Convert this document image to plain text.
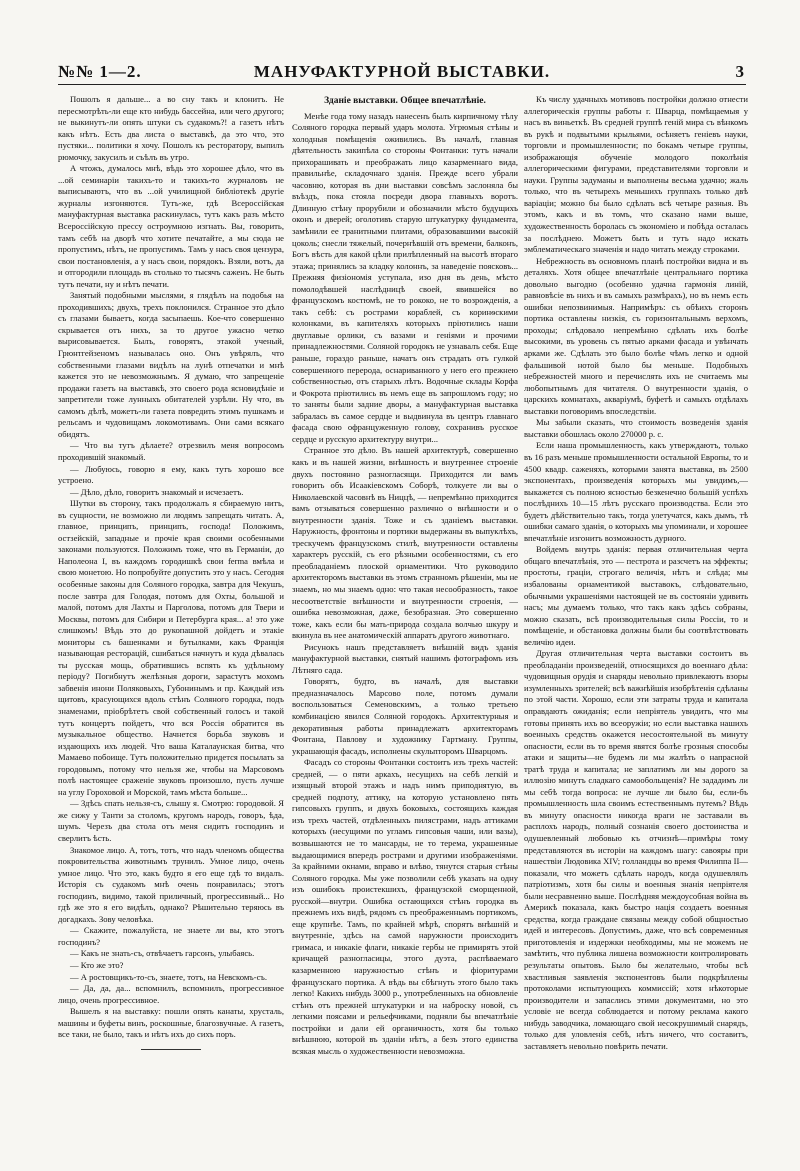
№№ 1—2.	МАНУФАКТУРНОЙ ВЫСТАВКИ.	3

Пошолъ я дальше... а во сну такъ и клонитъ. Не пересмотрѣть-ли еще кто нибудь бассейна, или чего другого; не выкинутъ-ли опять штуки съ судакомъ?! а газетъ нѣтъ какъ нѣтъ. Есть два листа о выставкѣ, да это что, это пустяки... политики я хочу. Пошолъ къ ресторатору, выпилъ рюмочку, закусилъ и съѣлъ въ утро.

А чтожъ, думалось мнѣ, вѣдь это хорошее дѣло, что въ ...ой семинаріи такихъ-то и такихъ-то журналовъ не выписываютъ, что въ ...ой училищной библіотекѣ другіе журналы изгоняются. Тутъ-же, гдѣ Всероссійская мануфактурная выставка раскинулась, тутъ какъ разъ мѣсто Всероссійскую прессу остроумною изгнать. Вы, говорить, тамъ себѣ на дворѣ что хотите печатайте, а мы сюда не пропустимъ, нѣтъ, не пропустимъ. Тамъ у насъ своя цензура, свои постановленія, а у насъ свои, порядокъ. Взяли, вотъ, да и отгородили площадь въ столько то тысячъ саженъ. Не быть тутъ печати, ну и нѣтъ печати.

Занятый подобными мыслями, я глядѣлъ на подобья на проходившихъ; двухъ, трехъ поклонился. Странное это дѣло съ глазами бываетъ, когда засыпаешь. Кое-что совершенно скрывается отъ нихъ, за то другое ужасно четко вырисовывается. Былъ, говорятъ, этакой ученый, Грюнтгейзеномъ называлась оно. Онъ увѣрялъ, что собственными глазами видѣлъ на лунѣ отпечатки и мнѣ кажется это не невозможнымъ. Я думаю, что запрещеніе продажи газетъ на выставкѣ, это своего рода ясновидѣніе и запретители тоже лунныхъ обитателей узрѣли. Ну что, въ самомъ дѣлѣ, можетъ-ли газета повредить этимъ пушкамъ и рельсамъ и чудовищамъ локомотивамъ. Они сами всякаго обидятъ.

— Что вы тутъ дѣлаете? отрезвилъ меня вопросомъ проходившій знакомый.

— Любуюсь, говорю я ему, какъ тутъ хорошо все устроено.

— Дѣло, дѣло, говоритъ знакомый и исчезаетъ.

Шутки въ сторону, такъ продолжалъ я сбираемую нитъ, въ сущности, не возможно ли людямъ запрещать читать. А, главное, принципъ, принципъ, господа! Положимъ, остзейскій, западные и прочіе края своими особенными законами пользуются. Положимъ тоже, что въ Германіи, до Наполеона I, въ каждомъ городишкѣ свои ferma вмѣла и свою монетою. Но попробуйте допустить это у насъ. Сегодня особенные законы для Соляного городка, завтра для Чекушъ, после завтра для Голодая, потомъ для Охты, большой и малой, потомъ для Лахты и Парголова, потомъ для Твери и Москвы, потомъ для Сибири и Петербурга края... а! это уже слишкомъ! Вѣдь это до рукопашной дойдетъ и этакіе мониторы съ башенками и бутылками, какъ Франція называющая ресторацій, сшибаться начнутъ и куда дѣвалась ты русская мощь, обратившись вспять къ удѣльному періоду? Погибнутъ желѣзныя дороги, зарастутъ мохомъ забвенія инони Поляковыхъ, Губонинымъ и пр. Каждый изъ щитовъ, красующихся вдоль стѣнъ Соляного городка, подъ знаменами, пріобрѣтетъ свой собственный голосъ и такой тутъ концертъ пойдетъ, что вся Россія обратится въ музыкальное общество. Начнется борьба звуковъ и издающихъ ихъ людей. Что ваша Каталаунская битва, что Мамаево побоище. Тутъ положительно придется посылать за городовымъ, потому что нельзя же, чтобы на Марсовомъ полѣ настоящее сраженіе звуковъ произошло, пусть лучше на углу Гороховой и Морской, тамъ мѣста больше...

— Здѣсь спать нельзя-съ, слышу я. Смотрю: городовой. Я же сижу у Танти за столомъ, кругомъ народъ, говоръ, ѣда, шумъ. Черезъ два стола отъ меня сидитъ господинъ и сверлитъ ѣсть.

Знакомое лицо. А, тотъ, тотъ, что надъ членомъ общества покровительства животнымъ трунилъ. Умное лицо, очень умное лицо. Что это, какъ будто я его еще гдѣ то видалъ. Исторія съ судакомъ мнѣ очень понравилась; этотъ господинъ, видимо, такой приличный, прогрессивный... Но гдѣ же это я его видѣлъ, однако? Рѣшительно теряюсь въ догадкахъ. Зову человѣка.

— Скажите, пожалуйста, не знаете ли вы, кто этотъ господинъ?

— Какъ не знать-съ, отвѣчаетъ гарсонъ, улыбаясь.

— Кто же это?

— А ростовщикъ-то-съ, знаете, тотъ, на Невскомъ-съ.

— Да, да, да... вспомнилъ, вспомнилъ, прогрессивное лицо, очень прогрессивное.

Вышелъ я на выставку: пошли опять канаты, хрусталь, машины и буфеты винъ, роскошные, благозвучные. А газетъ, все таки, не было, такъ и нѣтъ ихъ до сихъ поръ.

Зданіе выставки. Общее впечатлѣніе.

Менѣе года тому назадъ нанесенъ былъ кирпичному тѣлу Соляного городка первый ударъ молота. Угрюмыя стѣны и холодныя помѣщенія оживились. Въ началѣ, главная дѣятельность закипѣла со стороны Фонтанки: тутъ начали прихорашивать и преображать лицо казарменнаго вида, правильнѣе, складочнаго зданія. Прежде всего убрали часовню, которая въ дни выставки совсѣмъ заслоняла бы въѣздъ, пока стояла посреди двора главныхъ воротъ. Длинную стѣну прорубили и обозначили мѣсто будущихъ оконъ и дверей; оголотивъ старую штукатурку фундамента, замѣнили ее гранитными плитами, образовавшими высокій цоколь; снесли тяжелый, почернѣвшій отъ времени, балконъ, Богъ вѣсть для какой цѣли прилѣпленный на высотѣ втораго этажа; принялись за кладку колоннъ, за наведеніе поясковъ... Прежняя физіономія уступала, изо дня въ день, мѣсто помолодѣвшей наслѣдницѣ своей, явившейся во французскомъ костюмѣ, не то рококо, не то возрожденія, а такъ себѣ: съ рострами кораблей, съ коринѳскими колонками, въ капителяхъ которыхъ пріютились наши двуглавые орлики, съ вазами и геніями и прочими принадлежностями. Соляной городокъ не узнавалъ себя. Еще раньше, гораздо раньше, начатъ онъ страдать отъ гулкой совершенного перерода, оснариванного у него его прежнею собственностью, отъ старыхъ лѣтъ. Водочные склады Корфа и Фокрота пріютились въ немъ еще въ запрошломъ году; но то заняты были задние дворы, а мануфактурная выставка забралась въ самое сердце и выдвинула въ центръ главнаго фасада свою офранцуженную голову, сохранивъ русское сердце и русскую архитектуру внутри...

Странное это дѣло. Въ нашей архитектурѣ, совершенно какъ и въ нашей жизни, внѣшность и внутреннее строеніе двухъ постоянно разногласящи. Приходится ли вамъ говорить объ Исаакіевскомъ Соборѣ, толкуете ли вы о Николаевской часовнѣ въ Ниццѣ, — непремѣнно приходится вамъ отзываться совершенно различно о внѣшности и о внутренности зданія. Тоже и съ зданіемъ выставки. Наружность, фронтоны и портики выдержаны въ выпуклѣхъ, трескучемъ французскомъ стилѣ, внутренности оставлены характеръ русскій, съ его рѣзными особенностями, съ его преобладаніемъ плоской орнаментики. Что руководило архитекторомъ выставки въ этомъ странномъ рѣшеніи, мы не знаемъ, но мы знаемъ одно: что такая несообразность, такое несоответствіе внѣшности и внутренности строенія, — ошибка невозможная, даже, безобразная. Это совершенно тоже, какъ если бы мать-природа создала волчью шкуру и вкинула въ нее анатомическій аппаратъ другого животнаго.

Рисунокъ нашъ представляетъ внѣшній видъ зданія мануфактурной выставки, снятый нашимъ фотографомъ изъ Лѣтняго сада.

Говорятъ, будто, въ началѣ, для выставки предназначалось Марсово поле, потомъ думали воспользоваться Семеновскимъ, а только третьею комбинацією явился Соляной городокъ. Архитектурныя и декоративныя работы принадлежатъ архитекторамъ Фонтана, Павлову и художнику Гартману. Группы, украшающія фасадъ, исполнены скульпторомъ Шварцомъ.

Фасадъ со стороны Фонтанки состоитъ изъ трехъ частей: средней, — о пяти аркахъ, несущихъ на себѣ легкій и изящный второй этажъ и надъ нимъ приподнятую, въ средней подпоту, аттику, на которую установлено пять гипсовыхъ группъ, и двухъ боковыхъ, состоящихъ каждая изъ трехъ частей, отдѣленныхъ пилястрами, надъ аттиками которыхъ (несущими по угламъ гипсовыя чаши, или вазы), возвышаются не то мансарды, не то терема, украшенные выдающимися впередъ рострами и другими изображеніями. За крайними окнами, вправо и влѣво, тянутся старыя стѣны Соляного городка. Мы уже позволили себѣ указать на одну изъ ошибокъ проистекшихъ, французской сморщенной, русской—внутри. Ошибка остающихся стѣнъ городка въ прежнемъ ихъ видѣ, рядомъ съ преображеннымъ портикомъ, еще крупнѣе. Тамъ, по крайней мѣрѣ, спорятъ внѣшній и внутренніе, здѣсь на самой наружности происходитъ гримаса, и никакіе флаги, никакіе гербы не примирятъ этой кричащей разногласицы, этого дуэта, распѣваемаго казарменною наружностью стѣнъ и фіоритурами французскаго портика. А вѣдь вы сбѣгнуть этого было такъ легко! Какихъ нибудь 3000 р., употребленныхъ на обновленіе стѣнъ отъ прежней штукатурки и на наброску новой, съ легкими поясами и рельефчиками, подняли бы впечатлѣніе постройки и дали ей органичность, хотя бы только внѣшнюю, которой въ зданіи нѣтъ, а безъ этого единства всякая мысль о художественности невозможна.

Къ числу удачныхъ мотивовъ постройки должно отнести аллегорическія группы работы г. Шварца, помѣщаемыя у насъ въ виньеткѣ. Въ средней группѣ геній мира съ вѣнкомъ въ рукѣ и подвытыми крыльями, осѣняетъ геніевъ науки, торговли и промышленности; по бокамъ четыре группы, изображающія обученіе молодого поколѣнія аллегорическими фигурами, представителями торговли и науки. Группы задуманы и выполнены весьма удачно; жаль только, что въ четырехъ меньшихъ группахъ только двѣ варіаціи; можно бы было сдѣлать всѣ четыре разныя. Въ этомъ, какъ и въ томъ, что сказано нами выше, художественность боролась съ экономіею и побѣда осталась за послѣднею. Можетъ быть и тутъ надо искать эмблематическаго значенія и надо читать между строками.

Небрежность въ основномъ планѣ постройки видна и въ деталяхъ. Хотя общее впечатлѣніе центральнаго портика довольно выгодно (особенно удачна гармонія линій, равновѣсіе въ нихъ и въ самыхъ размѣрахъ), но въ немъ есть ошибки непозвинимыя. Напримѣръ: съ обѣихъ сторонъ портика оставлены низкія, съ горизонтальнымъ верхомъ, проходы; слѣдовало непремѣнно сдѣлать ихъ болѣе высокими, въ уровень съ пятью арками фасада и увѣнчать арками же. Сдѣлать это было болѣе чѣмъ легко и одной фальшивой нотой было бы меньше. Подобныхъ небрежностей много и перечислять ихъ не считаемъ мы любопытнымъ для читателя. О внутренности зданія, о царскихъ комнатахъ, акваріумѣ, буфетѣ и самыхъ отдѣлахъ выставки поговоримъ впоследствіи.

Мы забыли сказать, что стоимость возведенія зданія выставки обошлась около 270000 р. с.

Если наша промышленность, какъ утверждаютъ, только въ 16 разъ меньше промышленности остальной Европы, то и 4500 квадр. саженяхъ, которыми занята выставка, въ 2500 экспонентахъ, произведенія которыхъ мы увидимъ,—выкажется съ полною ясностью безкенечно большій успѣхъ послѣднихъ 10—15 лѣтъ русскаго производства. Если это будетъ дѣйствительно такъ, тогда улетучатся, какъ дымъ, тѣ ошибки самаго зданія, о которыхъ мы упоминали, и хорошее впечатлѣніе изгонитъ возможность дурного.

Войдемъ внутрь зданія: первая отличительная черта общаго впечатлѣнія, это — пестрота и разсчетъ на эффекты; простоты, граціи, строгаго величія, нѣтъ и слѣда; мы избалованы орнаментикой выставокъ, слѣдовательно, обычными украшеніями настоящей не въ состояніи удивить насъ; мы думаемъ только, что такъ какъ здѣсь собраны, можно сказать, всѣ производительныя силы Россіи, то и помѣщеніе, и обстановка должны были бы соотвѣтствовать величію идеи.

Другая отличительная черта выставки состоитъ въ преобладаніи произведеній, относящихся до военнаго дѣла: чудовищныя орудія и снаряды невольно привлекаютъ взоры изумленныхъ зрителей; всѣ важнѣйшія изобрѣтенія сдѣланы по этой части. Хорошо, если эти затраты труда и капитала оправдаютъ ожиданія; если непріятель увидитъ, что мы готовы принять ихъ во всеоружіи; но если выставка нашихъ военныхъ средствъ окажется несостоятельной въ минуту опасности, если въ то время явятся болѣе грозныя способы атаки и защиты—не будемъ ли мы жалѣть о напрасной тратѣ труда и капитала; не заплатимъ ли мы дорого за иллюзію минутъ сладкаго самообольщенія? Не зададимъ ли мы себѣ тогда вопроса: не лучше ли было бы, если-бъ промышленность шла своимъ естественнымъ путемъ? Вѣдь въ минуту опасности никогда враги не заставали въ расплохъ народъ, полный сознанія своего достоинства и одушевленный любовью къ отчизнѣ—примѣры тому представляются въ исторіи на каждомъ шагу: савояры при нашествіи Людовика XIV; голландцы во время Филиппа II—показали, что можетъ сдѣлать народъ, когда одушевлялъ патріотизмъ, хотя бы силы и военныя знанія непріятеля были несравненно выше. Послѣдняя междоусобная война въ Америкѣ показала, какъ быстро нація создаетъ военныя средства, когда граждане связаны между собой общностью идей и интересовъ. Допустимъ, даже, что всѣ современныя приготовленія и издержки необходимы, мы не можемъ не замѣтить, что публика лишена возможности контролировать результаты опытовъ. Было бы желательно, чтобы всѣ хвастливыя заявленія экспонентовъ были подкрѣплены протоколами испытующихъ коммиссій; хотя нѣкоторые производители и запаслись этими документами, но это условіе не всегда соблюдается и потому реклама какого нибудь заводчика, ломающаго свой несокрушимый снарядъ, только для уловленія себѣ, нѣтъ ничего, что составитъ, заставляетъ невольно повѣрить печати.
